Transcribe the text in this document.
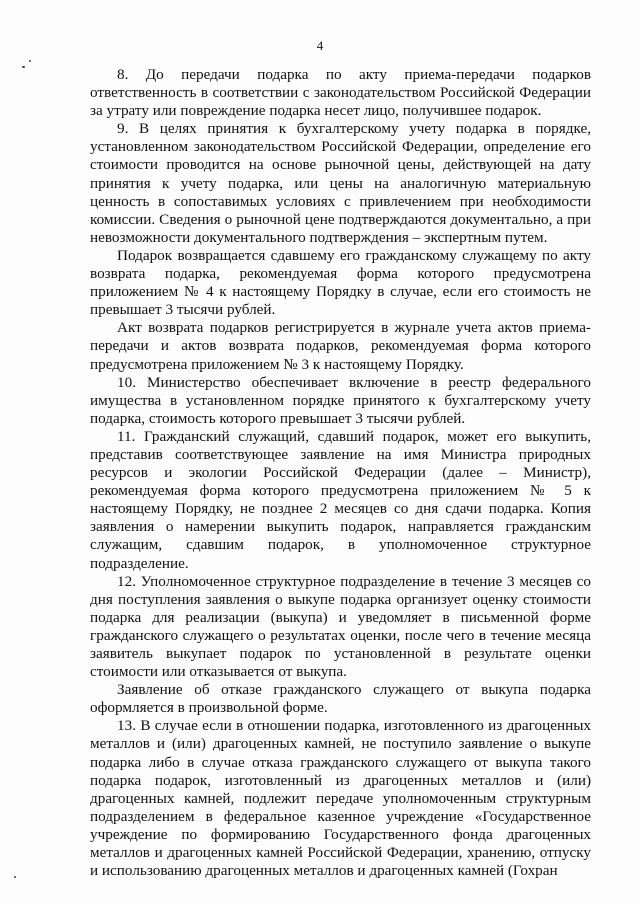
4

8. До передачи подарка по акту приема-передачи подарков ответственность в соответствии с законодательством Российской Федерации за утрату или повреждение подарка несет лицо, получившее подарок.

9. В целях принятия к бухгалтерскому учету подарка в порядке, установленном законодательством Российской Федерации, определение его стоимости проводится на основе рыночной цены, действующей на дату принятия к учету подарка, или цены на аналогичную материальную ценность в сопоставимых условиях с привлечением при необходимости комиссии. Сведения о рыночной цене подтверждаются документально, а при невозможности документального подтверждения – экспертным путем.

Подарок возвращается сдавшему его гражданскому служащему по акту возврата подарка, рекомендуемая форма которого предусмотрена приложением № 4 к настоящему Порядку в случае, если его стоимость не превышает 3 тысячи рублей.

Акт возврата подарков регистрируется в журнале учета актов приема-передачи и актов возврата подарков, рекомендуемая форма которого предусмотрена приложением № 3 к настоящему Порядку.

10. Министерство обеспечивает включение в реестр федерального имущества в установленном порядке принятого к бухгалтерскому учету подарка, стоимость которого превышает 3 тысячи рублей.

11. Гражданский служащий, сдавший подарок, может его выкупить, представив соответствующее заявление на имя Министра природных ресурсов и экологии Российской Федерации (далее – Министр), рекомендуемая форма которого предусмотрена приложением № 5 к настоящему Порядку, не позднее 2 месяцев со дня сдачи подарка. Копия заявления о намерении выкупить подарок, направляется гражданским служащим, сдавшим подарок, в уполномоченное структурное подразделение.

12. Уполномоченное структурное подразделение в течение 3 месяцев со дня поступления заявления о выкупе подарка организует оценку стоимости подарка для реализации (выкупа) и уведомляет в письменной форме гражданского служащего о результатах оценки, после чего в течение месяца заявитель выкупает подарок по установленной в результате оценки стоимости или отказывается от выкупа.

Заявление об отказе гражданского служащего от выкупа подарка оформляется в произвольной форме.

13. В случае если в отношении подарка, изготовленного из драгоценных металлов и (или) драгоценных камней, не поступило заявление о выкупе подарка либо в случае отказа гражданского служащего от выкупа такого подарка подарок, изготовленный из драгоценных металлов и (или) драгоценных камней, подлежит передаче уполномоченным структурным подразделением в федеральное казенное учреждение «Государственное учреждение по формированию Государственного фонда драгоценных металлов и драгоценных камней Российской Федерации, хранению, отпуску и использованию драгоценных металлов и драгоценных камней (Гохран
